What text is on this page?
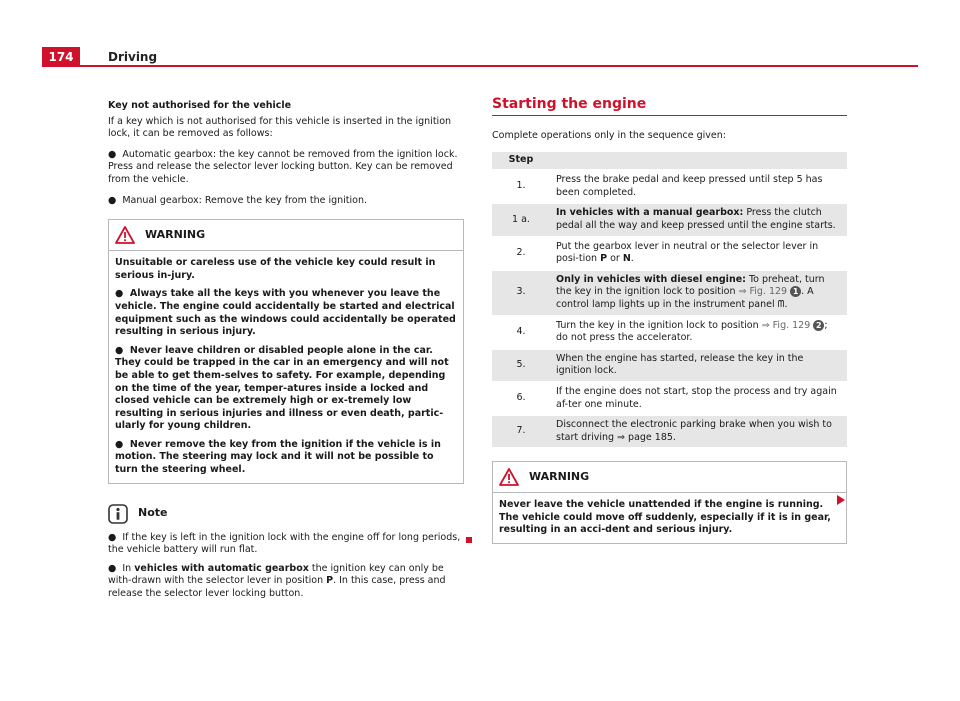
174	Driving
Key not authorised for the vehicle

If a key which is not authorised for this vehicle is inserted in the ignition lock, it can be removed as follows:

● Automatic gearbox: the key cannot be removed from the ignition lock. Press and release the selector lever locking button. Key can be removed from the vehicle.
● Manual gearbox: Remove the key from the ignition.
WARNING

Unsuitable or careless use of the vehicle key could result in serious in-jury.

● Always take all the keys with you whenever you leave the vehicle. The engine could accidentally be started and electrical equipment such as the windows could accidentally be operated resulting in serious injury.

● Never leave children or disabled people alone in the car. They could be trapped in the car in an emergency and will not be able to get them-selves to safety. For example, depending on the time of the year, temper-atures inside a locked and closed vehicle can be extremely high or ex-tremely low resulting in serious injuries and illness or even death, partic-ularly for young children.

● Never remove the key from the ignition if the vehicle is in motion. The steering may lock and it will not be possible to turn the steering wheel.

Note

● If the key is left in the ignition lock with the engine off for long periods, the vehicle battery will run flat.

● In vehicles with automatic gearbox the ignition key can only be with-drawn with the selector lever in position P. In this case, press and release the selector lever locking button.

Starting the engine

Complete operations only in the sequence given:

Step	
1.	Press the brake pedal and keep pressed until step 5 has been completed.
1 a.	In vehicles with a manual gearbox: Press the clutch pedal all the way and keep pressed until the engine starts.
2.	Put the gearbox lever in neutral or the selector lever in posi-tion P or N.
3.	Only in vehicles with diesel engine: To preheat, turn the key in the ignition lock to position ⇒ Fig. 129 1 . A control lamp lights up in the instrument panel ᗰ.
4.	Turn the key in the ignition lock to position ⇒ Fig. 129 2 ; do not press the accelerator.
5.	When the engine has started, release the key in the ignition lock.
6.	If the engine does not start, stop the process and try again af-ter one minute.
7.	Disconnect the electronic parking brake when you wish to start driving ⇒ page 185.
WARNING

Never leave the vehicle unattended if the engine is running. The vehicle could move off suddenly, especially if it is in gear, resulting in an acci-dent and serious injury.
